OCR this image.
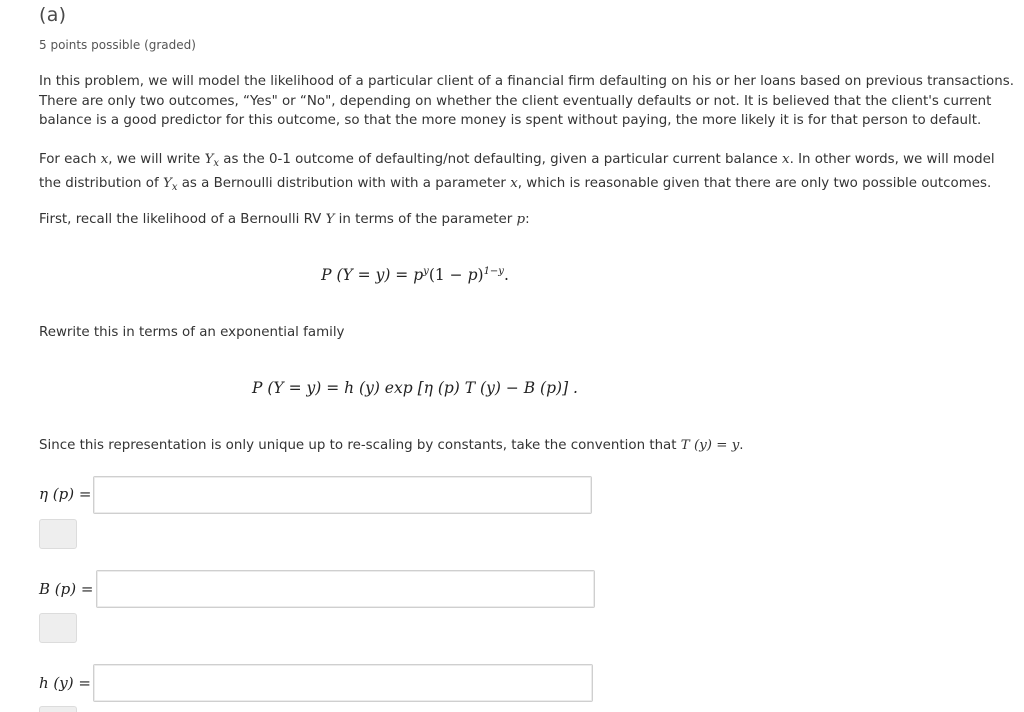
(a)
5 points possible (graded)
In this problem, we will model the likelihood of a particular client of a financial firm defaulting on his or her loans based on previous transactions.
There are only two outcomes, “Yes" or “No", depending on whether the client eventually defaults or not. It is believed that the client's current
balance is a good predictor for this outcome, so that the more money is spent without paying, the more likely it is for that person to default.
For each x, we will write $Y_x$ as the 0-1 outcome of defaulting/not defaulting, given a particular current balance x. In other words, we will model
the distribution of $Y_x$ as a Bernoulli distribution with with a parameter x, which is reasonable given that there are only two possible outcomes.
First, recall the likelihood of a Bernoulli RV Y in terms of the parameter p:
P $(Y = y) = p^y(1 - p)^{1-y}$.
Rewrite this in terms of an exponential family
P (Y = y) = h (y) exp [η (p) T (y) − B (p)] .
Since this representation is only unique up to re-scaling by constants, take the convention that T (y) = y.
η (p) =
B (p) =
h (y) =
